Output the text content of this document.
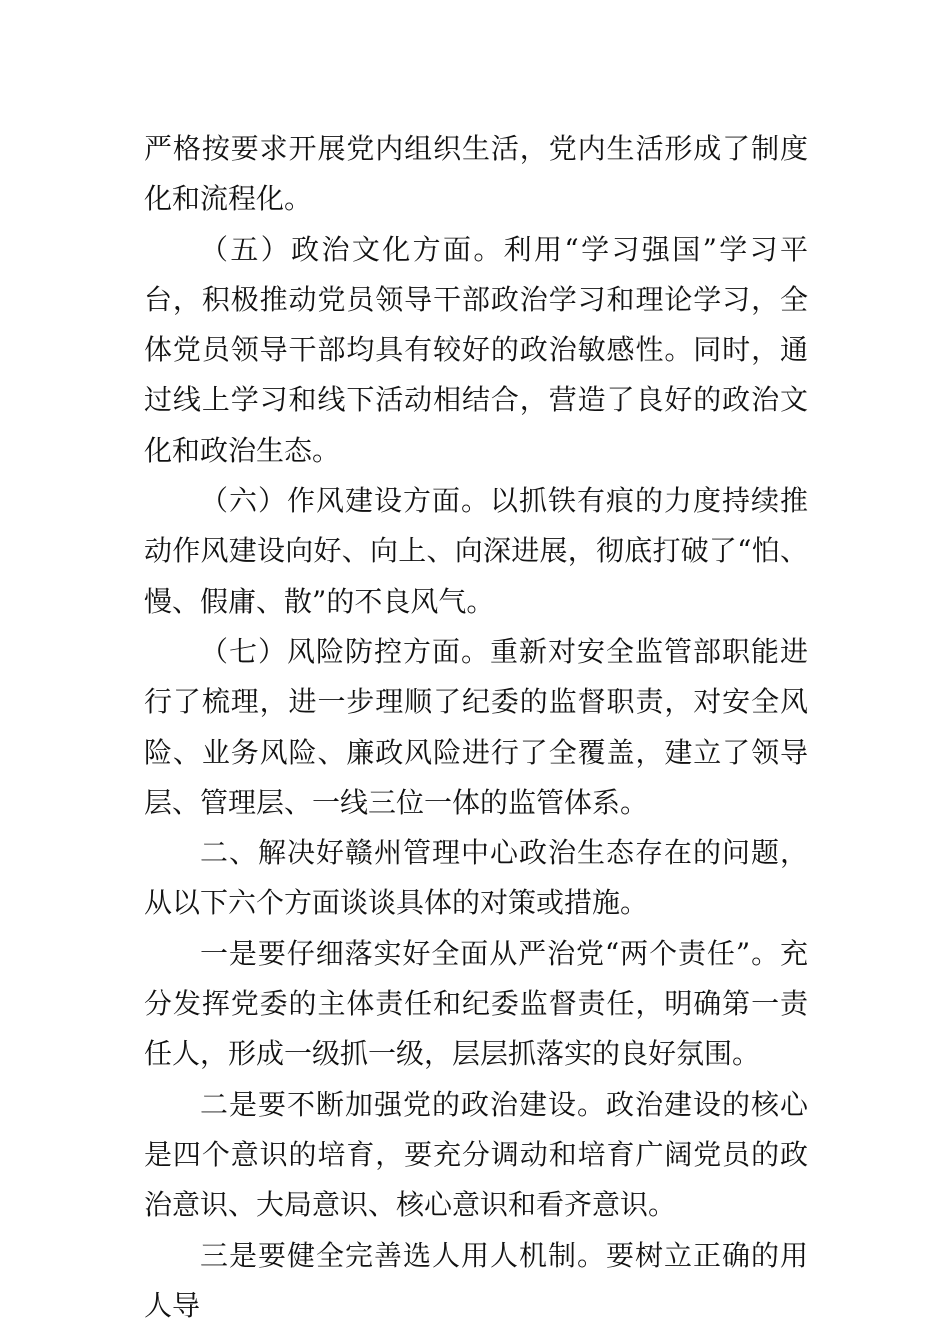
严格按要求开展党内组织生活，党内生活形成了制度化和流程化。

（五）政治文化方面。利用“学习强国”学习平台，积极推动党员领导干部政治学习和理论学习，全体党员领导干部均具有较好的政治敏感性。同时，通过线上学习和线下活动相结合，营造了良好的政治文化和政治生态。

（六）作风建设方面。以抓铁有痕的力度持续推动作风建设向好、向上、向深进展，彻底打破了“怕、慢、假庸、散”的不良风气。

（七）风险防控方面。重新对安全监管部职能进行了梳理，进一步理顺了纪委的监督职责，对安全风险、业务风险、廉政风险进行了全覆盖，建立了领导层、管理层、一线三位一体的监管体系。

二、解决好赣州管理中心政治生态存在的问题，从以下六个方面谈谈具体的对策或措施。

一是要仔细落实好全面从严治党“两个责任”。充分发挥党委的主体责任和纪委监督责任，明确第一责任人，形成一级抓一级，层层抓落实的良好氛围。

二是要不断加强党的政治建设。政治建设的核心是四个意识的培育，要充分调动和培育广阔党员的政治意识、大局意识、核心意识和看齐意识。

三是要健全完善选人用人机制。要树立正确的用人导
